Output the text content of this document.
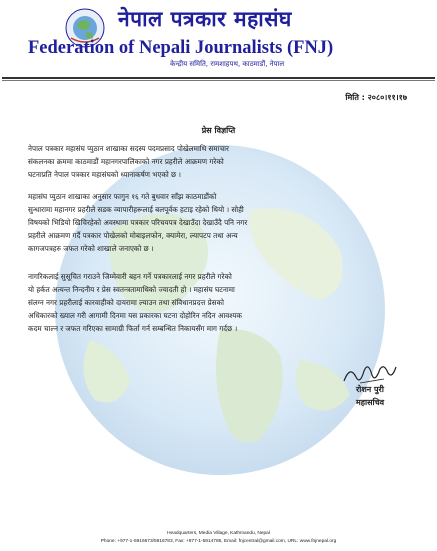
नेपाल पत्रकार महासंघ
Federation of Nepali Journalists (FNJ)
केन्द्रीय समिति, रामशाहपथ, काठमाडौं, नेपाल
मिति : २०८०।११।१७
प्रेस विज्ञप्ति
नेपाल पत्रकार महासंघ प्युठान शाखाका सदस्य पदमप्रसाद पोखेलमाथि समाचार
संकलनका क्रममा काठमाडौं महानगरपालिकाको नगर प्रहरीले आक्रमण गरेको
घटनाप्रति नेपाल पत्रकार महासंघको ध्यानाकर्षण भएको छ ।
महासंघ प्युठान शाखाका अनुसार फागुन १६ गते बुधवार साँझ काठमाडौंको
सुन्धारामा महानगर प्रहरीले सडक व्यापारीहरूलाई बलपूर्वक हटाइ रहेको थियो । सोही
विषयको भिडियो खिचिरहेको अवस्थामा पत्रकार परिचयपत्र देखाउँदा देखाउँदै पनि नगर
प्रहरीले आक्रमण गर्दै पत्रकार पोखेलको मोबाइलफोन, क्यामेरा, ल्यापटप तथा अन्य
कागजपत्रहरु जफत गरेको शाखाले जनाएको छ ।
नागरिकलाई सुसूचित गराउने जिम्मेवारी बहन गर्ने पत्रकारलाई नगर प्रहरीले गरेको
यो हर्कत अत्यन्त निन्दनीय र प्रेस स्वतन्त्रतामाथिको ज्यादती हो । महासंघ घटनामा
संलग्न नगर प्रहरीलाई कारवाहीको दायरामा ल्याउन तथा संविधानप्रदत्त प्रेसको
अधिकारको ख्याल गरी आगामी दिनमा यस प्रकारका घटना दोहोरिन नदिन आवश्यक
कदम चाल्न र जफत गरिएका सामाग्री फिर्ता गर्न सम्बन्धित निकायसँग माग गर्दछ ।
रोशन पुरी
महासचिव
Headquarters, Media Village, Kathmandu, Nepal
Phone: +977-1-5916673/5916783, Fax: +977-1-5914785, Email: fnjcentral@gmail.com, URL: www.fnjnepal.org
